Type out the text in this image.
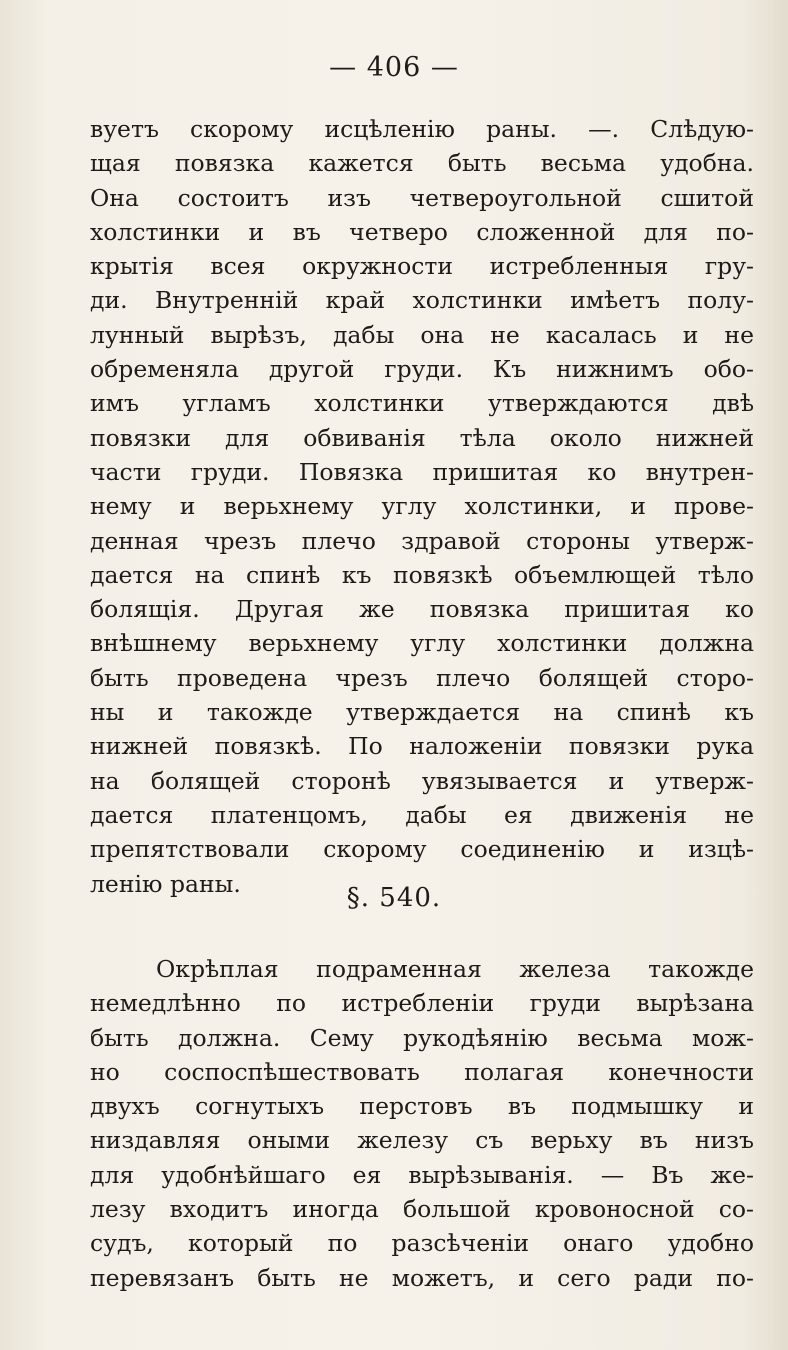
— 406 —
вуетъ скорому исцѣленію раны. —. Слѣдую-
щая повязка кажется быть весьма удобна.
Она состоитъ изъ четвероугольной сшитой
холстинки и въ четверо сложенной для по-
крытія всея окружности истребленныя гру-
ди. Внутренній край холстинки имѣетъ полу-
лунный вырѣзъ, дабы она не касалась и не
обременяла другой груди. Къ нижнимъ обо-
имъ угламъ холстинки утверждаются двѣ
повязки для обвиванія тѣла около нижней
части груди. Повязка пришитая ко внутрен-
нему и верьхнему углу холстинки, и прове-
денная чрезъ плечо здравой стороны утверж-
дается на спинѣ къ повязкѣ объемлющей тѣло
болящія. Другая же повязка пришитая ко
внѣшнему верьхнему углу холстинки должна
быть проведена чрезъ плечо болящей сторо-
ны и такожде утверждается на спинѣ къ
нижней повязкѣ. По наложеніи повязки рука
на болящей сторонѣ увязывается и утверж-
дается платенцомъ, дабы ея движенія не
препятствовали скорому соединенію и изцѣ-
ленію раны.	§. 540.
Окрѣплая подраменная железа такожде
немедлѣнно по истребленіи груди вырѣзана
быть должна. Сему рукодѣянію весьма мож-
но соспоспѣшествовать полагая конечности
двухъ согнутыхъ перстовъ въ подмышку и
низдавляя оными железу съ верьху въ низъ
для удобнѣйшаго ея вырѣзыванія. — Въ же-
лезу входитъ иногда большой кровоносной со-
судъ, который по разсѣченіи онаго удобно
перевязанъ быть не можетъ, и сего ради по-
